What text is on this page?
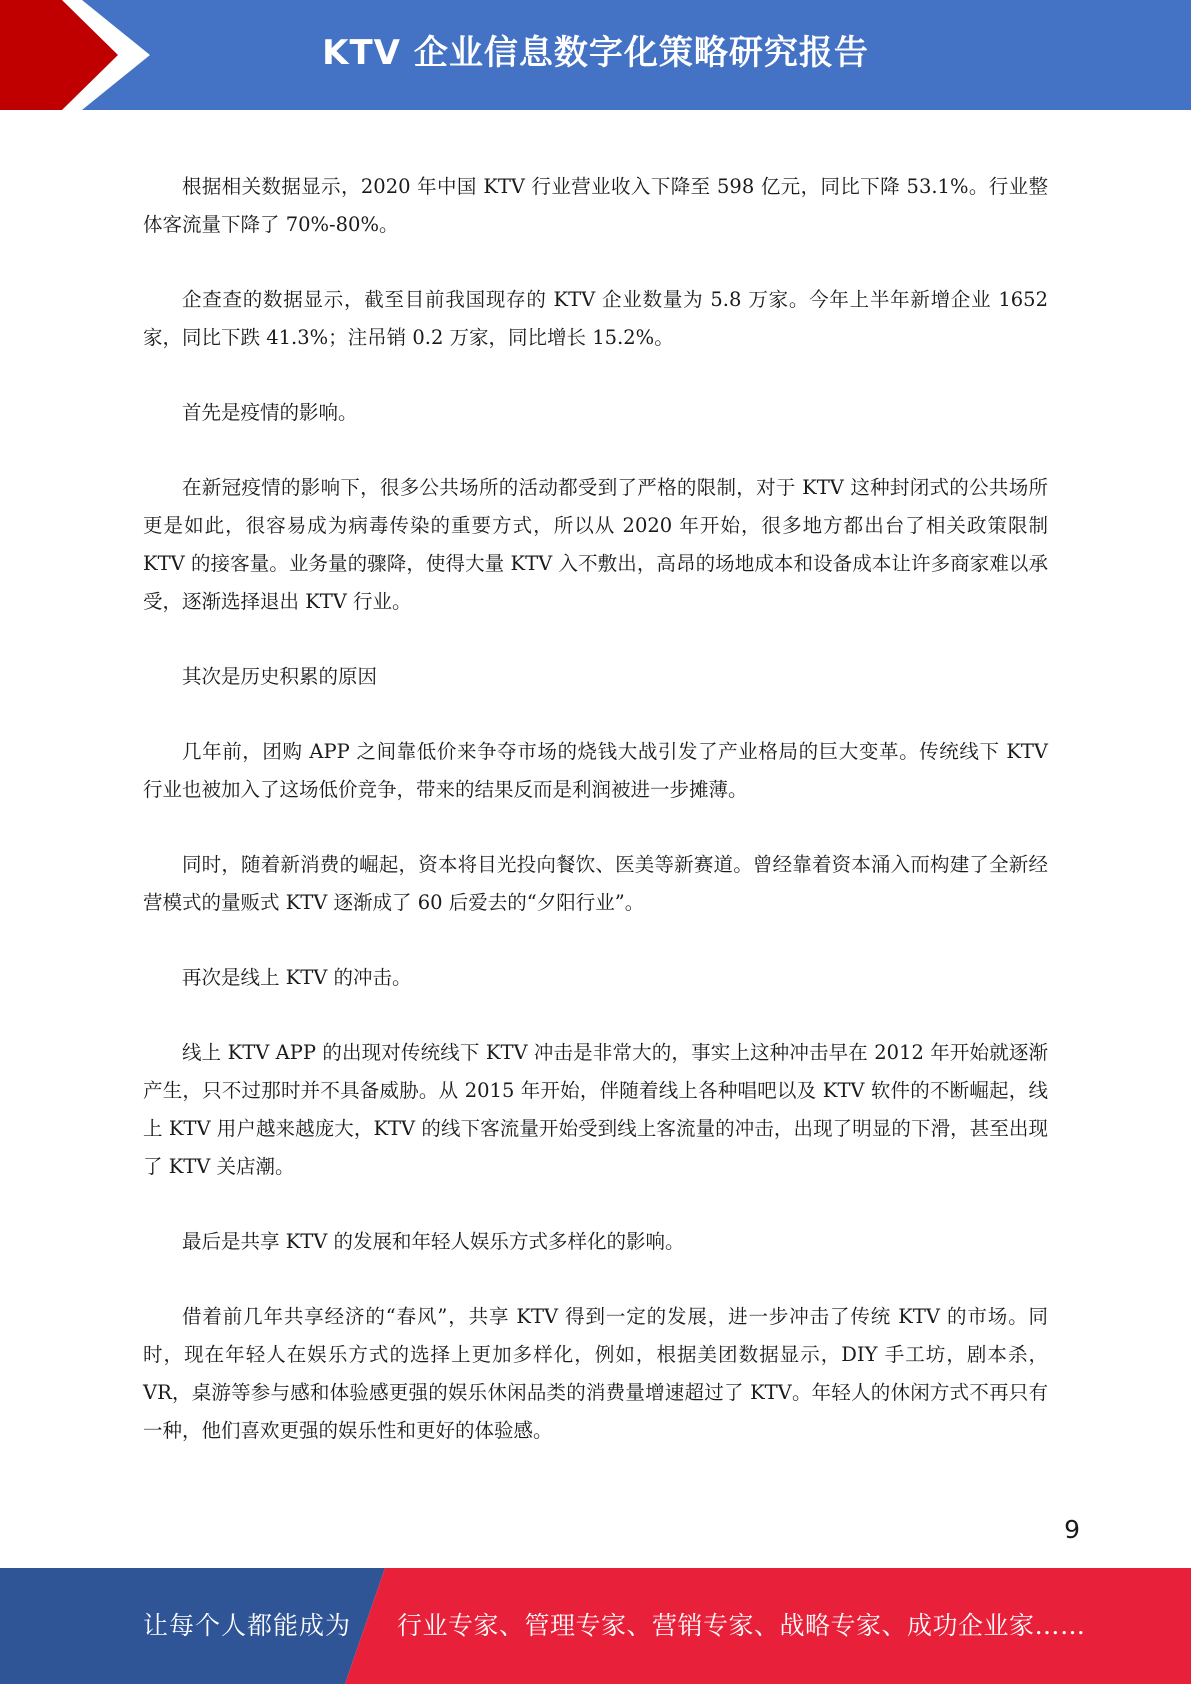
KTV 企业信息数字化策略研究报告

根据相关数据显示，2020 年中国 KTV 行业营业收入下降至 598 亿元，同比下降 53.1%。行业整体客流量下降了 70%-80%。

企查查的数据显示，截至目前我国现存的 KTV 企业数量为 5.8 万家。今年上半年新增企业 1652 家，同比下跌 41.3%；注吊销 0.2 万家，同比增长 15.2%。

首先是疫情的影响。

在新冠疫情的影响下，很多公共场所的活动都受到了严格的限制，对于 KTV 这种封闭式的公共场所更是如此，很容易成为病毒传染的重要方式，所以从 2020 年开始，很多地方都出台了相关政策限制 KTV 的接客量。业务量的骤降，使得大量 KTV 入不敷出，高昂的场地成本和设备成本让许多商家难以承受，逐渐选择退出 KTV 行业。

其次是历史积累的原因

几年前，团购 APP 之间靠低价来争夺市场的烧钱大战引发了产业格局的巨大变革。传统线下 KTV 行业也被加入了这场低价竞争，带来的结果反而是利润被进一步摊薄。

同时，随着新消费的崛起，资本将目光投向餐饮、医美等新赛道。曾经靠着资本涌入而构建了全新经营模式的量贩式 KTV 逐渐成了 60 后爱去的“夕阳行业”。

再次是线上 KTV 的冲击。

线上 KTV APP 的出现对传统线下 KTV 冲击是非常大的，事实上这种冲击早在 2012 年开始就逐渐产生，只不过那时并不具备威胁。从 2015 年开始，伴随着线上各种唱吧以及 KTV 软件的不断崛起，线上 KTV 用户越来越庞大，KTV 的线下客流量开始受到线上客流量的冲击，出现了明显的下滑，甚至出现了 KTV 关店潮。

最后是共享 KTV 的发展和年轻人娱乐方式多样化的影响。

借着前几年共享经济的“春风”，共享 KTV 得到一定的发展，进一步冲击了传统 KTV 的市场。同时，现在年轻人在娱乐方式的选择上更加多样化，例如，根据美团数据显示，DIY 手工坊，剧本杀，VR，桌游等参与感和体验感更强的娱乐休闲品类的消费量增速超过了 KTV。年轻人的休闲方式不再只有一种，他们喜欢更强的娱乐性和更好的体验感。

9
让每个人都能成为 行业专家、管理专家、营销专家、战略专家、成功企业家……
